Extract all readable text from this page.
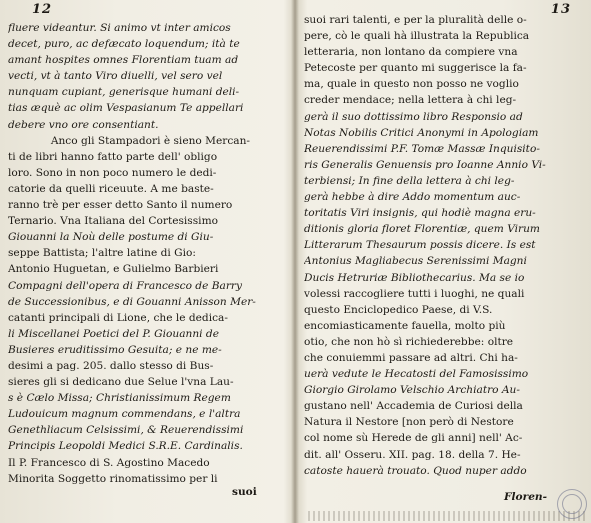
12
fluere videantur. Si animo vt inter amicos
decet, puro, ac defæcato loquendum; ità te
amant hospites omnes Florentiam tuam ad
vecti, vt à tanto Viro diuelli, vel sero vel
nunquam cupiant, generisque humani deli-
tias æquè ac olim Vespasianum Te appellari
debere vno ore consentiant.
Anco gli Stampadori è sieno Mercan-
ti de libri hanno fatto parte dell' obligo
loro. Sono in non poco numero le dedi-
catorie da quelli riceuute. A me baste-
ranno trè per esser detto Santo il numero
Ternario. Vna Italiana del Cortesissimo
Giouanni la Noù delle postume di Giu-
seppe Battista; l'altre latine di Gio:
Antonio Huguetan, e Gulielmo Barbieri
Compagni dell'opera di Francesco de Barry
de Successionibus, e di Gouanni Anisson Mer-
catanti principali di Lione, che le dedica-
li Miscellanei Poetici del P. Giouanni de
Busieres eruditissimo Gesuita; e ne me-
desimi a pag. 205. dallo stesso di Bus-
sieres gli si dedicano due Selue l'vna Lau-
s è Cælo Missa; Christianissimum Regem
Ludouicum magnum commendans, e l'altra
Genethliacum Celsissimi, & Reuerendissimi
Principis Leopoldi Medici S.R.E. Cardinalis.
Il P. Francesco di S. Agostino Macedo
Minorita Soggetto rinomatissimo per li
suoi
13
suoi rari talenti, e per la pluralità delle o-
pere, cò le quali hà illustrata la Republica
letteraria, non lontano da compiere vna
Petecoste per quanto mi suggerisce la fa-
ma, quale in questo non posso ne voglio
creder mendace; nella lettera à chi leg-
gerà il suo dottissimo libro Responsio ad
Notas Nobilis Critici Anonymi in Apologiam
Reuerendissimi P.F. Tomæ Massæ Inquisito-
ris Generalis Genuensis pro Ioanne Annio Vi-
terbiensi; In fine della lettera à chi leg-
gerà hebbe à dire Addo momentum auc-
toritatis Viri insignis, qui hodiè magna eru-
ditionis gloria floret Florentiæ, quem Virum
Litterarum Thesaurum possis dicere. Is est
Antonius Magliabecus Serenissimi Magni
Ducis Hetruriæ Bibliothecarius. Ma se io
volessi raccogliere tutti i luoghi, ne quali
questo Enciclopedico Paese, di V.S.
encomiasticamente fauella, molto più
otio, che non hò sì richiederebbe: oltre
che conuiemmi passare ad altri. Chi ha-
uerà vedute le Hecatosti del Famosissimo
Giorgio Girolamo Velschio Archiatro Au-
gustano nell' Accademia de Curiosi della
Natura il Nestore [non però di Nestore
col nome sù Herede de gli anni] nell' Ac-
dit. all' Osseru. XII. pag. 18. della 7. He-
catoste hauerà trouato. Quod nuper addo
Floren-
